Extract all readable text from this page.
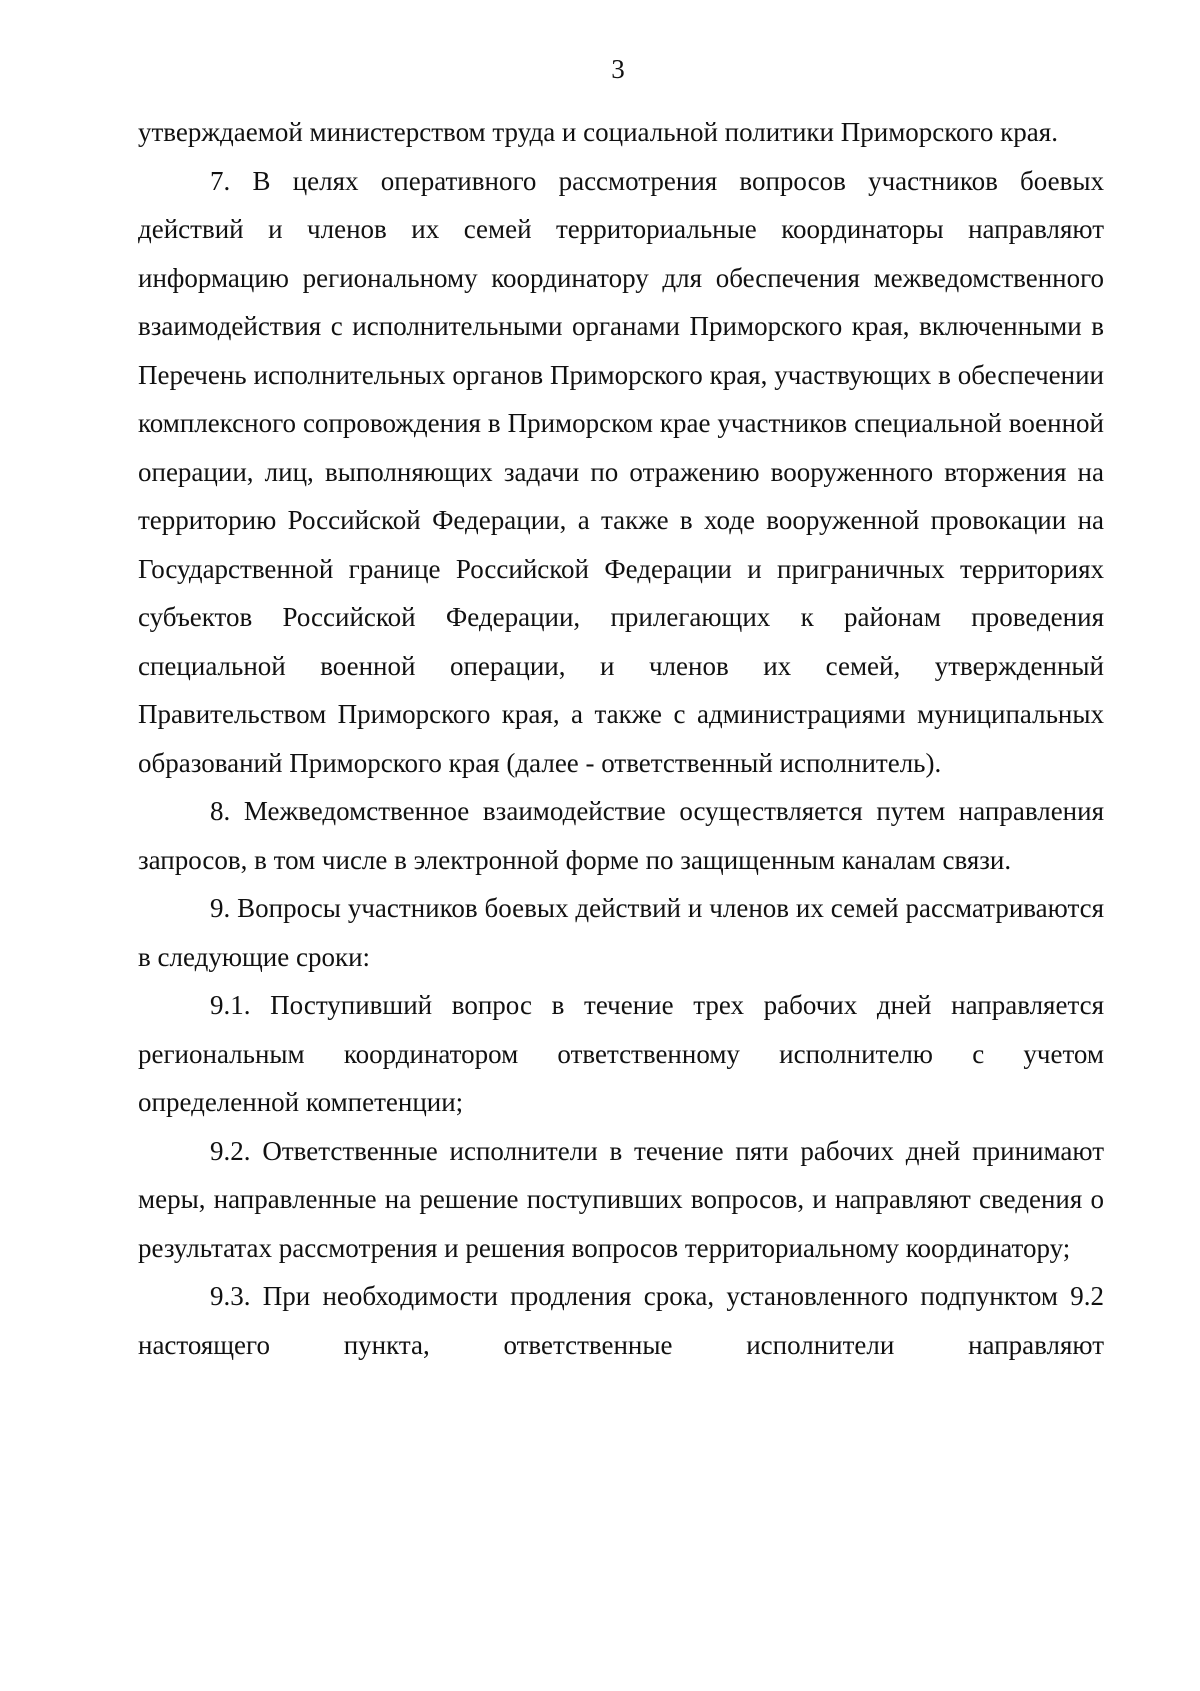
3

утверждаемой министерством труда и социальной политики Приморского края.

7. В целях оперативного рассмотрения вопросов участников боевых действий и членов их семей территориальные координаторы направляют информацию региональному координатору для обеспечения межведомственного взаимодействия с исполнительными органами Приморского края, включенными в Перечень исполнительных органов Приморского края, участвующих в обеспечении комплексного сопровождения в Приморском крае участников специальной военной операции, лиц, выполняющих задачи по отражению вооруженного вторжения на территорию Российской Федерации, а также в ходе вооруженной провокации на Государственной границе Российской Федерации и приграничных территориях субъектов Российской Федерации, прилегающих к районам проведения специальной военной операции, и членов их семей, утвержденный Правительством Приморского края, а также с администрациями муниципальных образований Приморского края (далее - ответственный исполнитель).

8. Межведомственное взаимодействие осуществляется путем направления запросов, в том числе в электронной форме по защищенным каналам связи.

9. Вопросы участников боевых действий и членов их семей рассматриваются в следующие сроки:

9.1. Поступивший вопрос в течение трех рабочих дней направляется региональным координатором ответственному исполнителю с учетом определенной компетенции;

9.2. Ответственные исполнители в течение пяти рабочих дней принимают меры, направленные на решение поступивших вопросов, и направляют сведения о результатах рассмотрения и решения вопросов территориальному координатору;

9.3. При необходимости продления срока, установленного подпунктом 9.2 настоящего пункта, ответственные исполнители направляют
